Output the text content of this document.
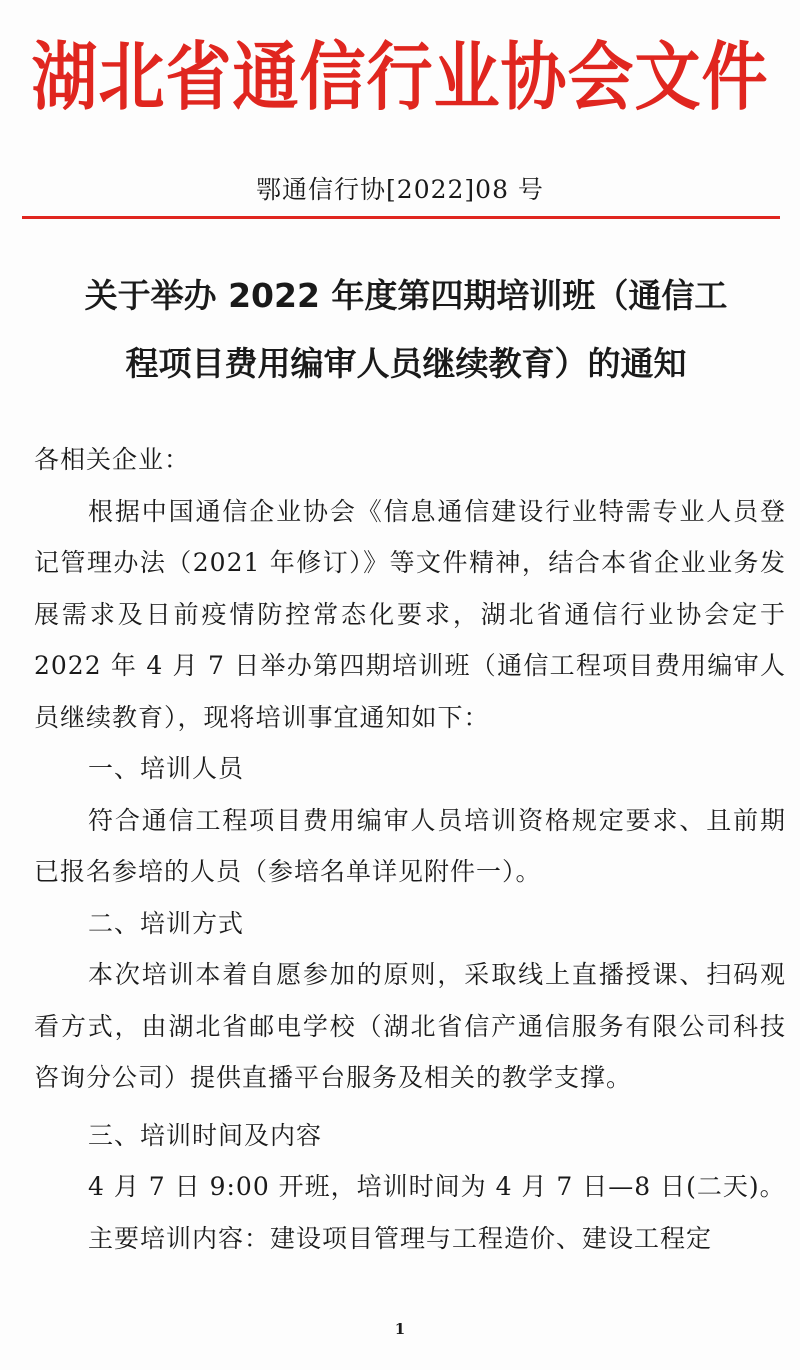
湖北省通信行业协会文件
鄂通信行协[2022]08 号
关于举办 2022 年度第四期培训班（通信工
程项目费用编审人员继续教育）的通知

各相关企业：

根据中国通信企业协会《信息通信建设行业特需专业人员登记管理办法（2021 年修订）》等文件精神，结合本省企业业务发展需求及日前疫情防控常态化要求，湖北省通信行业协会定于 2022 年 4 月 7 日举办第四期培训班（通信工程项目费用编审人员继续教育），现将培训事宜通知如下：

一、培训人员

符合通信工程项目费用编审人员培训资格规定要求、且前期已报名参培的人员（参培名单详见附件一）。

二、培训方式

本次培训本着自愿参加的原则，采取线上直播授课、扫码观看方式，由湖北省邮电学校（湖北省信产通信服务有限公司科技咨询分公司）提供直播平台服务及相关的教学支撑。

三、培训时间及内容

4 月 7 日 9:00 开班，培训时间为 4 月 7 日—8 日(二天)。

主要培训内容：建设项目管理与工程造价、建设工程定

1
